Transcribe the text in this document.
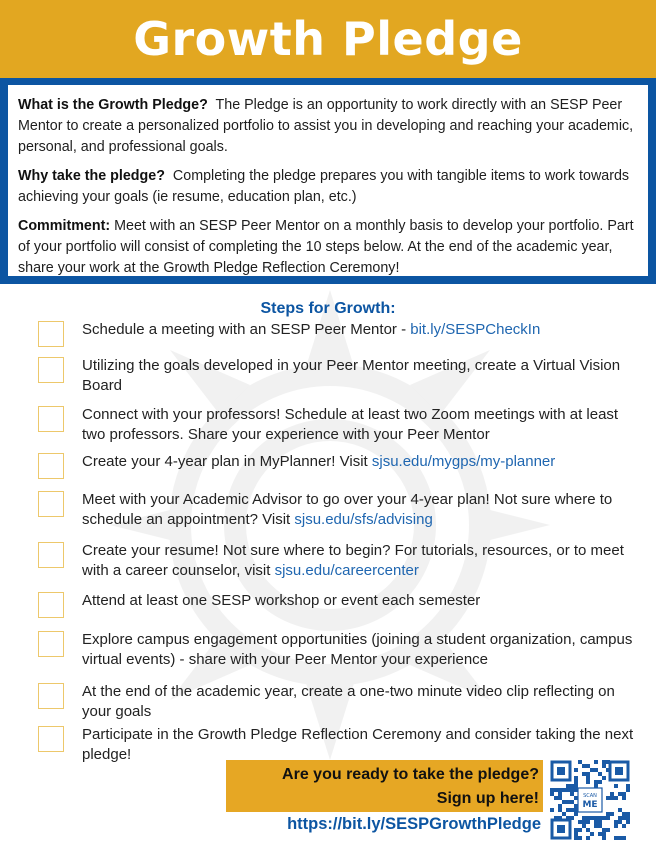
Growth Pledge

What is the Growth Pledge? The Pledge is an opportunity to work directly with an SESP Peer Mentor to create a personalized portfolio to assist you in developing and reaching your academic, personal, and professional goals.

Why take the pledge? Completing the pledge prepares you with tangible items to work towards achieving your goals (ie resume, education plan, etc.)

Commitment: Meet with an SESP Peer Mentor on a monthly basis to develop your portfolio. Part of your portfolio will consist of completing the 10 steps below. At the end of the academic year, share your work at the Growth Pledge Reflection Ceremony!

Steps for Growth:
Schedule a meeting with an SESP Peer Mentor - bit.ly/SESPCheckIn
Utilizing the goals developed in your Peer Mentor meeting, create a Virtual Vision Board
Connect with your professors! Schedule at least two Zoom meetings with at least two professors. Share your experience with your Peer Mentor
Create your 4-year plan in MyPlanner! Visit sjsu.edu/mygps/my-planner
Meet with your Academic Advisor to go over your 4-year plan! Not sure where to schedule an appointment? Visit sjsu.edu/sfs/advising
Create your resume! Not sure where to begin? For tutorials, resources, or to meet with a career counselor, visit sjsu.edu/careercenter
Attend at least one SESP workshop or event each semester
Explore campus engagement opportunities (joining a student organization, campus virtual events) - share with your Peer Mentor your experience
At the end of the academic year, create a one-two minute video clip reflecting on your goals
Participate in the Growth Pledge Reflection Ceremony and consider taking the next pledge!
Are you ready to take the pledge?
Sign up here!
https://bit.ly/SESPGrowthPledge
SCAN
ME
